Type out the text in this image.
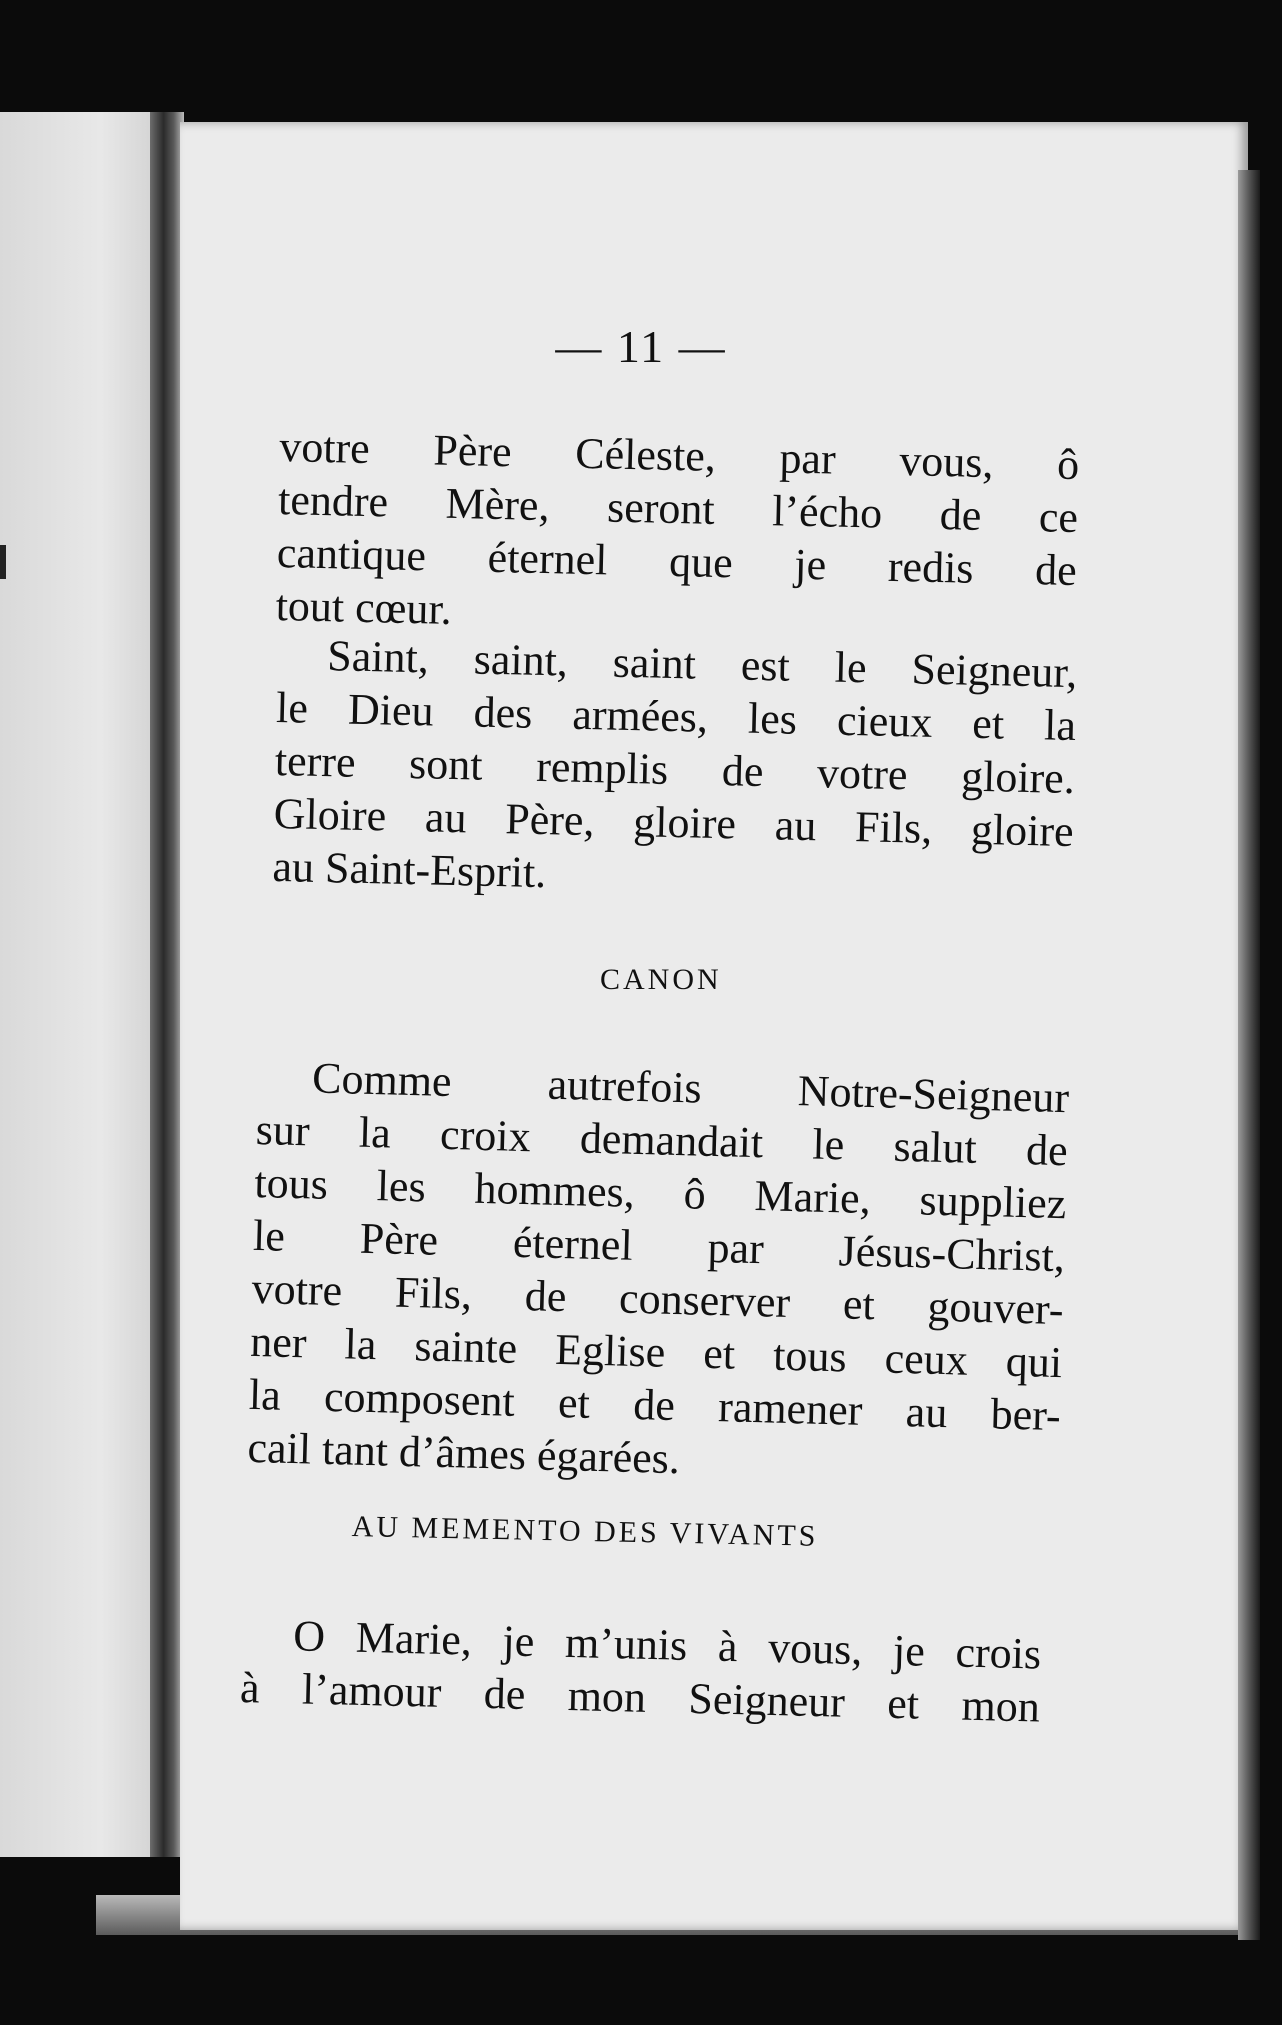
— 11 —
votre Père Céleste, par vous, ô
tendre Mère, seront l’écho de ce
cantique éternel que je redis de
tout cœur.
Saint, saint, saint est le Seigneur,
le Dieu des armées, les cieux et la
terre sont remplis de votre gloire.
Gloire au Père, gloire au Fils, gloire
au Saint-Esprit.
CANON
Comme autrefois Notre-Seigneur
sur la croix demandait le salut de
tous les hommes, ô Marie, suppliez
le Père éternel par Jésus-Christ,
votre Fils, de conserver et gouver-
ner la sainte Eglise et tous ceux qui
la composent et de ramener au ber-
cail tant d’âmes égarées.
AU MEMENTO DES VIVANTS
O Marie, je m’unis à vous, je crois
à l’amour de mon Seigneur et mon
